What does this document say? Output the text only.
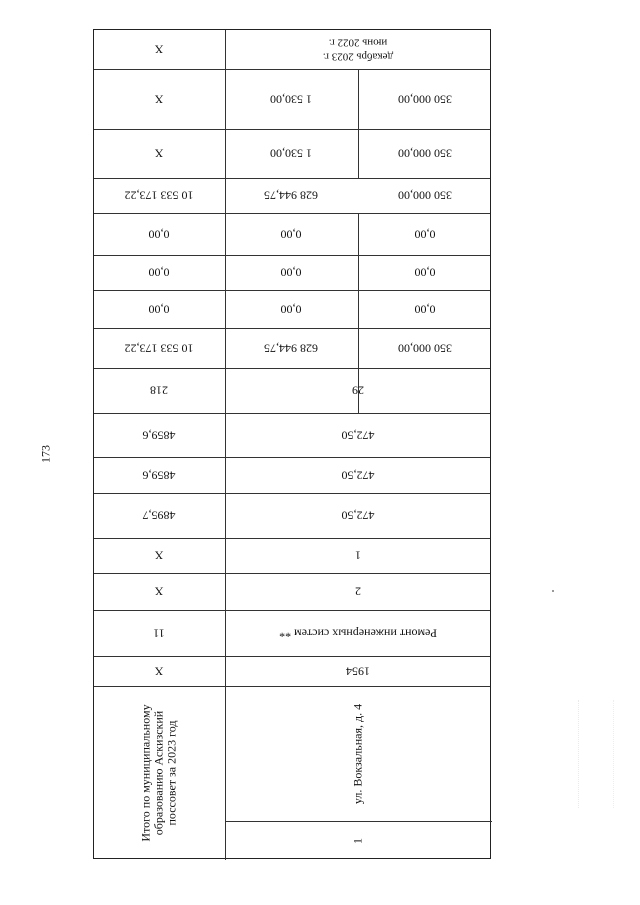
173
X	июнь 2022 г.
декабрь 2023 г.
X	1 530,00	350 000,00
X	1 530,00	350 000,00
10 533 173,22	628 944,75	350 000,00
0,00	0,00	0,00
0,00	0,00	0,00
0,00	0,00	0,00
10 533 173,22	628 944,75	350 000,00
218	29
4859,6	472,50
4859,6	472,50
4895,7	472,50
X	1
X	2
11	Ремонт инженерных систем **
X	1954
Итого по муниципальному образованию Аскизский поссовет за 2023 год	ул. Вокзальная, д. 4
1
